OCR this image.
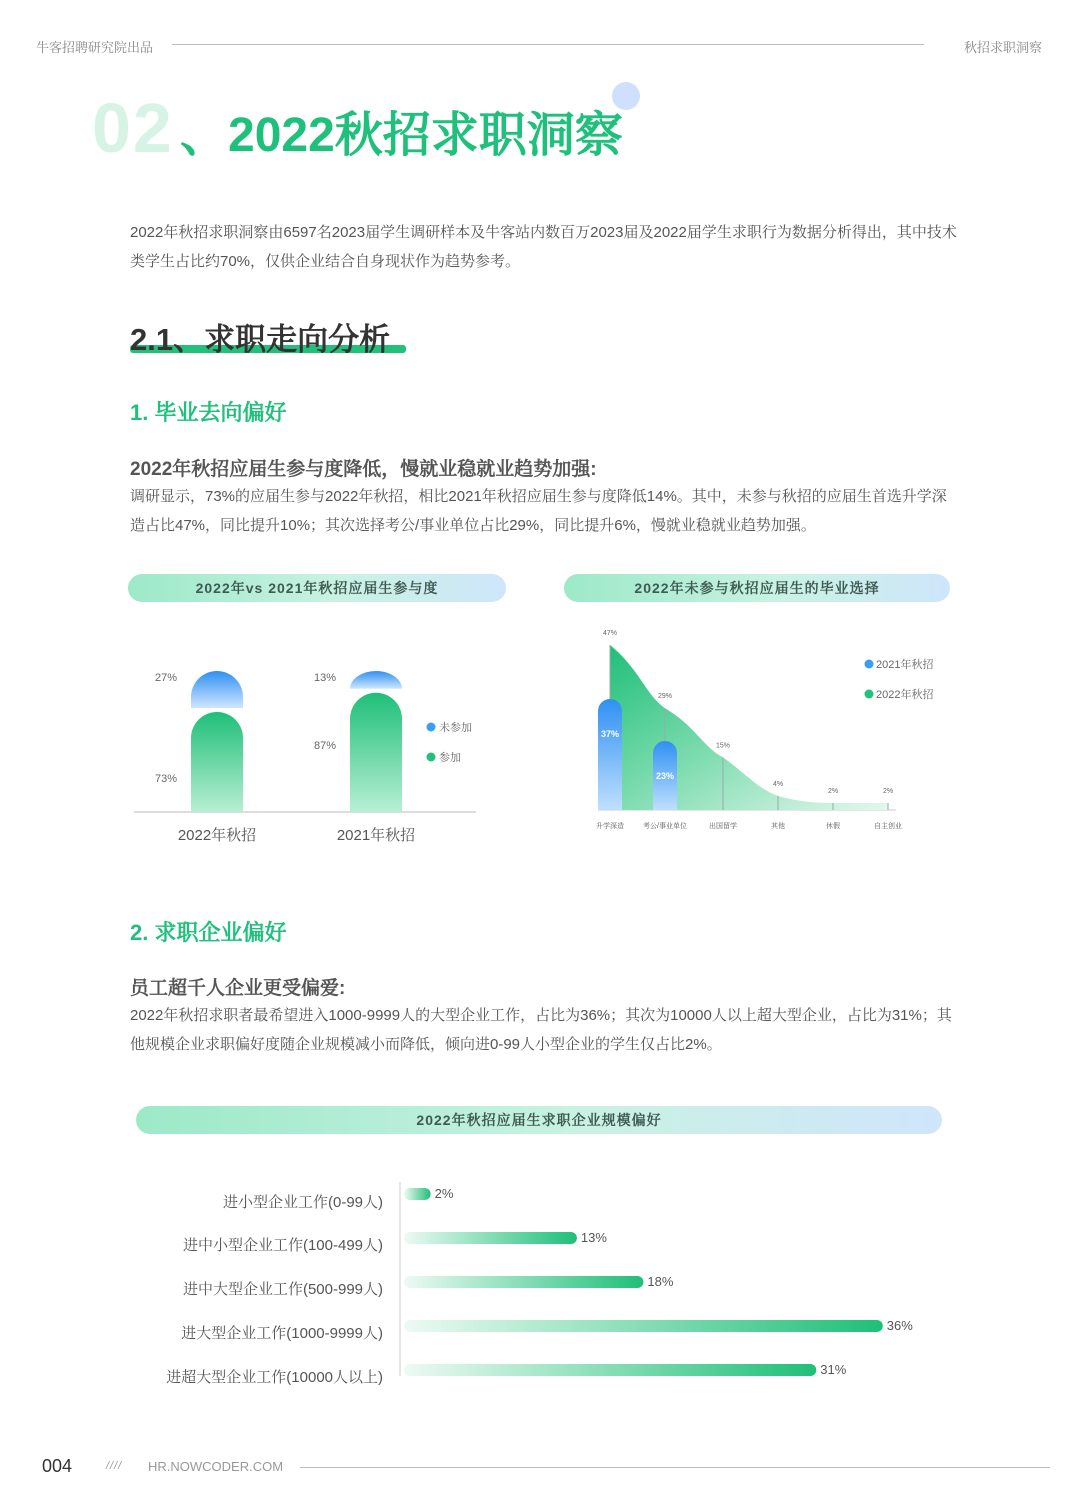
牛客招聘研究院出品	秋招求职洞察
02 、2022秋招求职洞察
2022年秋招求职洞察由6597名2023届学生调研样本及牛客站内数百万2023届及2022届学生求职行为数据分析得出，其中技术类学生占比约70%，仅供企业结合自身现状作为趋势参考。
2.1、求职走向分析
1. 毕业去向偏好
2022年秋招应届生参与度降低，慢就业稳就业趋势加强:
调研显示，73%的应届生参与2022年秋招，相比2021年秋招应届生参与度降低14%。其中，未参与秋招的应届生首选升学深造占比47%，同比提升10%；其次选择考公/事业单位占比29%，同比提升6%，慢就业稳就业趋势加强。
2022年vs 2021年秋招应届生参与度
27%
73%
2022年秋招
13%
87%
2021年秋招
未参加
参加
2022年未参与秋招应届生的毕业选择
47%
升学深造
29%
考公/事业单位
15%
出国留学
4%
其他
2%
休假
2%
自主创业
37%
23%
2021年秋招
2022年秋招
2. 求职企业偏好
员工超千人企业更受偏爱:
2022年秋招求职者最希望进入1000-9999人的大型企业工作，占比为36%；其次为10000人以上超大型企业，占比为31%；其他规模企业求职偏好度随企业规模减小而降低，倾向进0-99人小型企业的学生仅占比2%。
2022年秋招应届生求职企业规模偏好
进小型企业工作(0-99人)
2%
进中小型企业工作(100-499人)	13%
进中大型企业工作(500-999人)	18%
进大型企业工作(1000-9999人)	36%
进超大型企业工作(10000人以上)	31%
004	//// HR.NOWCODER.COM
